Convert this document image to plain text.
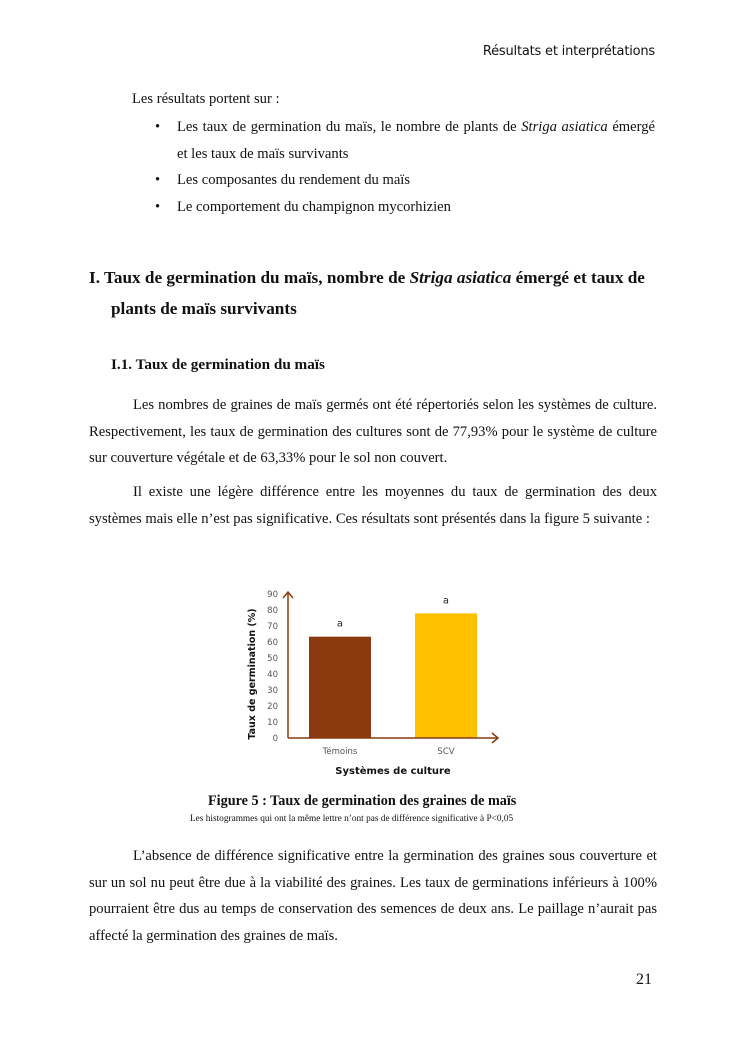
Résultats et interprétations
Les résultats portent sur :
•	Les taux de germination du maïs, le nombre de plants de Striga asiatica émergé et les taux de maïs survivants
•	Les composantes du rendement du maïs
•	Le comportement du champignon mycorhizien
I. Taux de germination du maïs, nombre de Striga asiatica émergé et taux de plants de maïs survivants
I.1. Taux de germination du maïs
Les nombres de graines de maïs germés ont été répertoriés selon les systèmes de culture. Respectivement, les taux de germination des cultures sont de 77,93% pour le système de culture sur couverture végétale et de 63,33% pour le sol non couvert.
Il existe une légère différence entre les moyennes du taux de germination des deux systèmes mais elle n’est pas significative. Ces résultats sont présentés dans la figure 5 suivante :
0
10
20
30
40
50
60
70
80
90
a
a
Témoins	SCV
Taux de germination (%)
Systèmes de culture
Figure 5 : Taux de germination des graines de maïs
Les histogrammes qui ont la même lettre n’ont pas de différence significative à P<0,05
L’absence de différence significative entre la germination des graines sous couverture et sur un sol nu peut être due à la viabilité des graines. Les taux de germinations inférieurs à 100% pourraient être dus au temps de conservation des semences de deux ans. Le paillage n’aurait pas affecté la germination des graines de maïs.
21
